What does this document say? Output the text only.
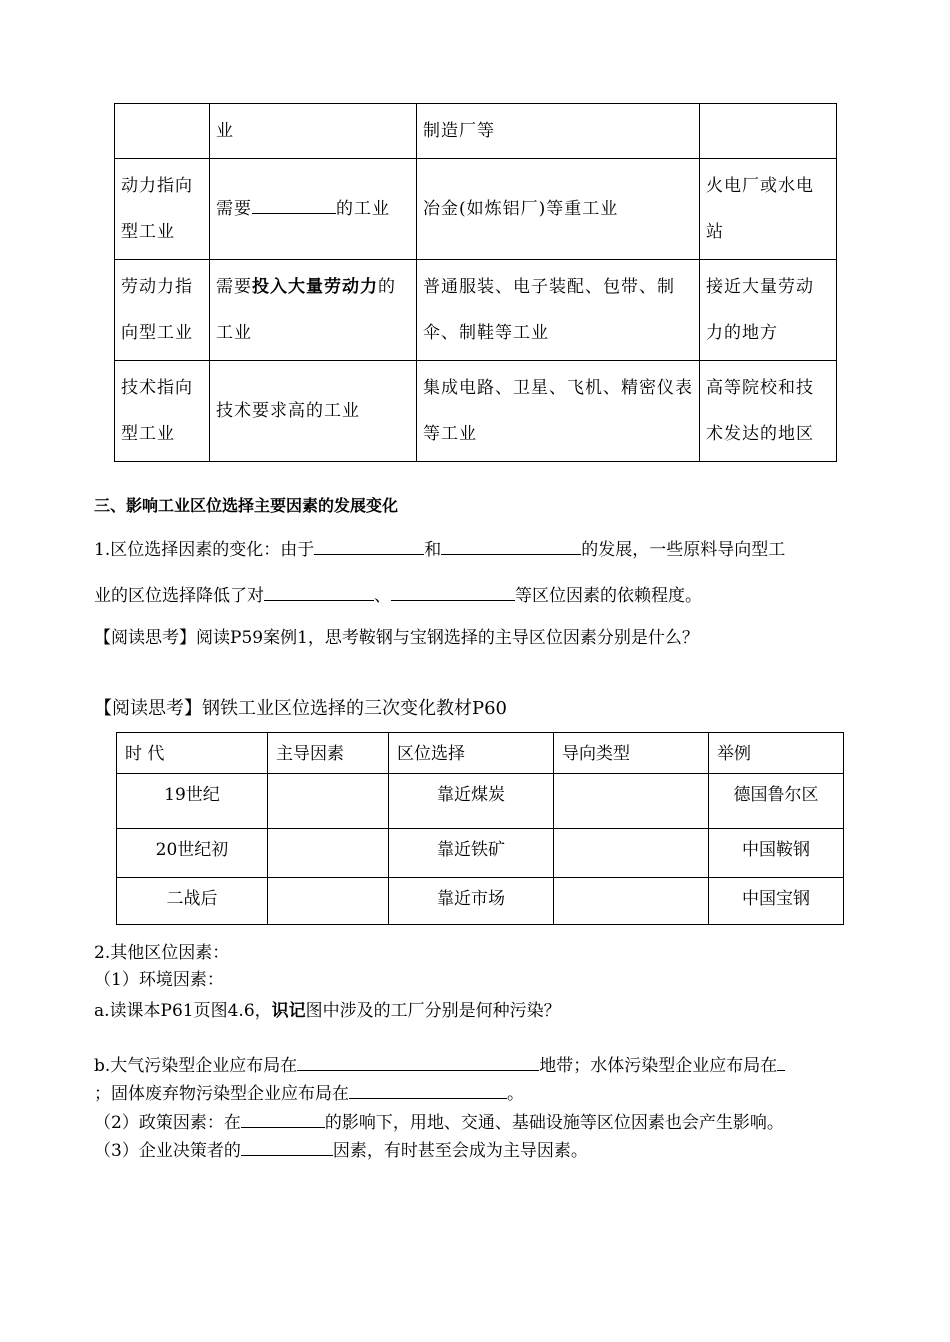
	业	制造厂等	
动力指向型工业	需要 的工业	冶金(如炼铝厂)等重工业	火电厂或水电站
劳动力指向型工业	需要投入大量劳动力的工业	普通服装、电子装配、包带、制伞、制鞋等工业	接近大量劳动力的地方
技术指向型工业	技术要求高的工业	集成电路、卫星、飞机、精密仪表等工业	高等院校和技术发达的地区
三、影响工业区位选择主要因素的发展变化
1.区位选择因素的变化：由于	和	的发展，一些原料导向型工
业的区位选择降低了对	、	等区位因素的依赖程度。
【阅读思考】阅读P59案例1，思考鞍钢与宝钢选择的主导区位因素分别是什么？
【阅读思考】钢铁工业区位选择的三次变化教材P60
时 代	主导因素	区位选择	导向类型	举例
19世纪		靠近煤炭		德国鲁尔区
20世纪初		靠近铁矿		中国鞍钢
二战后		靠近市场		中国宝钢
2.其他区位因素：
（1）环境因素：
a.读课本P61页图4.6，识记图中涉及的工厂分别是何种污染？
b.大气污染型企业应布局在	地带；水体污染型企业应布局在
；固体废弃物污染型企业应布局在	。
（2）政策因素：在	的影响下，用地、交通、基础设施等区位因素也会产生影响。
（3）企业决策者的	因素，有时甚至会成为主导因素。
